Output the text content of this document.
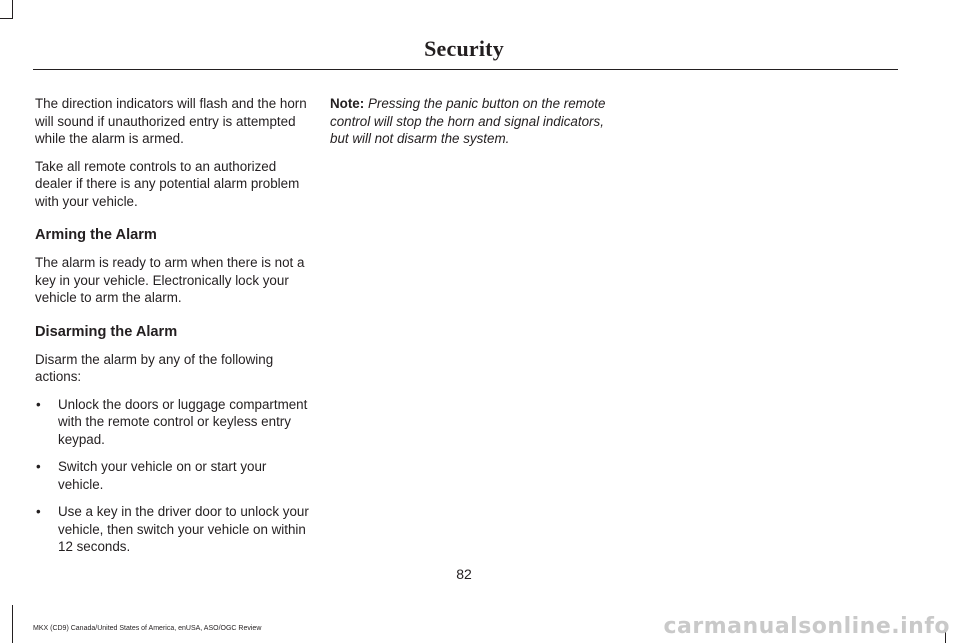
Security

The direction indicators will flash and the horn will sound if unauthorized entry is attempted while the alarm is armed.

Take all remote controls to an authorized dealer if there is any potential alarm problem with your vehicle.

Arming the Alarm

The alarm is ready to arm when there is not a key in your vehicle. Electronically lock your vehicle to arm the alarm.

Disarming the Alarm

Disarm the alarm by any of the following actions:

• Unlock the doors or luggage compartment with the remote control or keyless entry keypad.
• Switch your vehicle on or start your vehicle.
• Use a key in the driver door to unlock your vehicle, then switch your vehicle on within 12 seconds.

Note: Pressing the panic button on the remote control will stop the horn and signal indicators, but will not disarm the system.

82
MKX (CD9) Canada/United States of America, enUSA, ASO/OGC Review	carmanualsonline.info
